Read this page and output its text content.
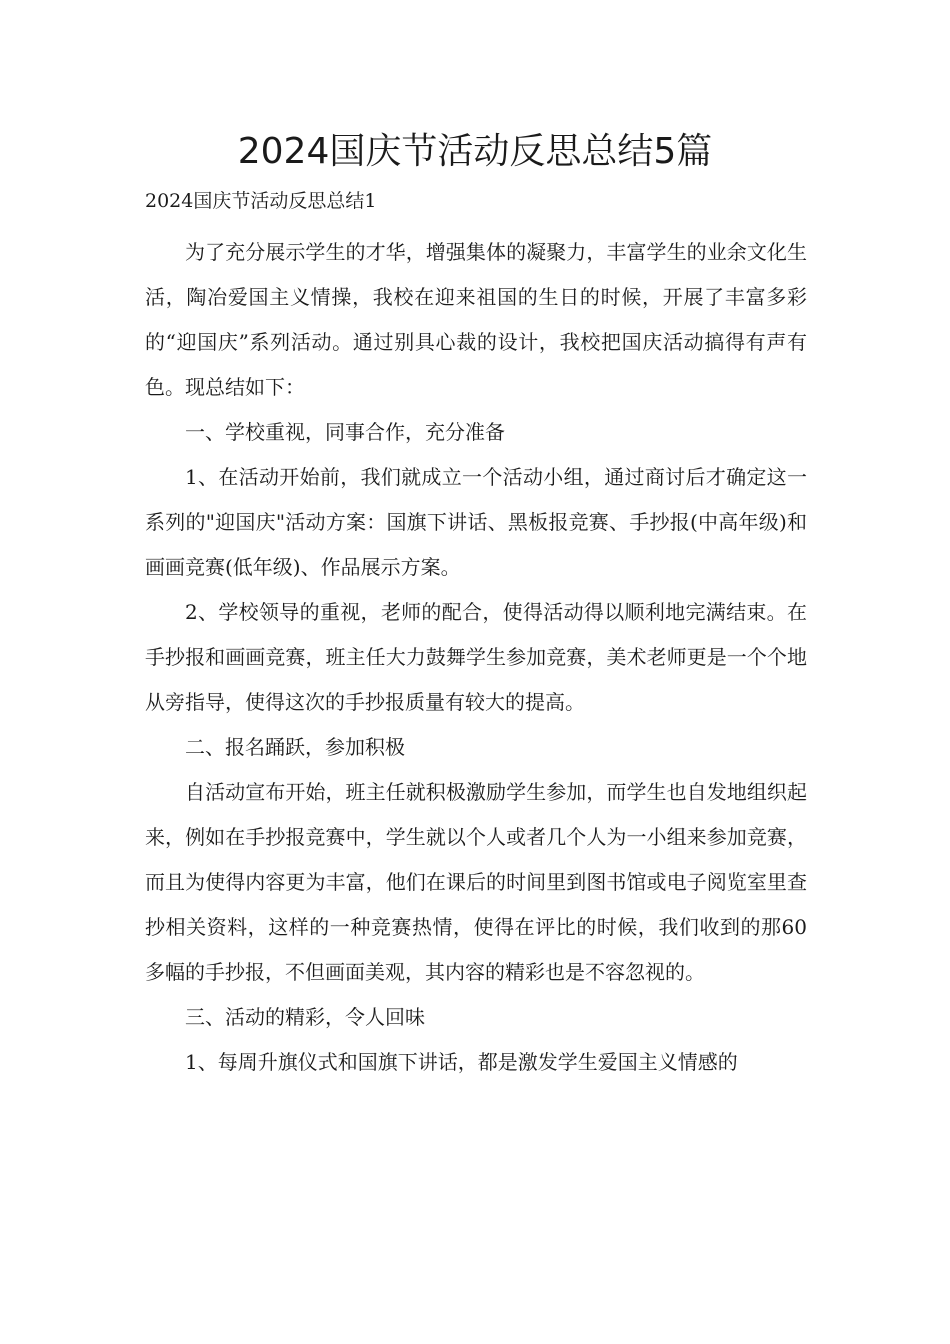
2024国庆节活动反思总结5篇

2024国庆节活动反思总结1

为了充分展示学生的才华，增强集体的凝聚力，丰富学生的业余文化生活，陶冶爱国主义情操，我校在迎来祖国的生日的时候，开展了丰富多彩的“迎国庆”系列活动。通过别具心裁的设计，我校把国庆活动搞得有声有色。现总结如下：

一、学校重视，同事合作，充分准备

1、在活动开始前，我们就成立一个活动小组，通过商讨后才确定这一系列的"迎国庆"活动方案：国旗下讲话、黑板报竞赛、手抄报(中高年级)和画画竞赛(低年级)、作品展示方案。

2、学校领导的重视，老师的配合，使得活动得以顺利地完满结束。在手抄报和画画竞赛，班主任大力鼓舞学生参加竞赛，美术老师更是一个个地从旁指导，使得这次的手抄报质量有较大的提高。

二、报名踊跃，参加积极

自活动宣布开始，班主任就积极激励学生参加，而学生也自发地组织起来，例如在手抄报竞赛中，学生就以个人或者几个人为一小组来参加竞赛，而且为使得内容更为丰富，他们在课后的时间里到图书馆或电子阅览室里查抄相关资料，这样的一种竞赛热情，使得在评比的时候，我们收到的那60多幅的手抄报，不但画面美观，其内容的精彩也是不容忽视的。

三、活动的精彩，令人回味

1、每周升旗仪式和国旗下讲话，都是激发学生爱国主义情感的
